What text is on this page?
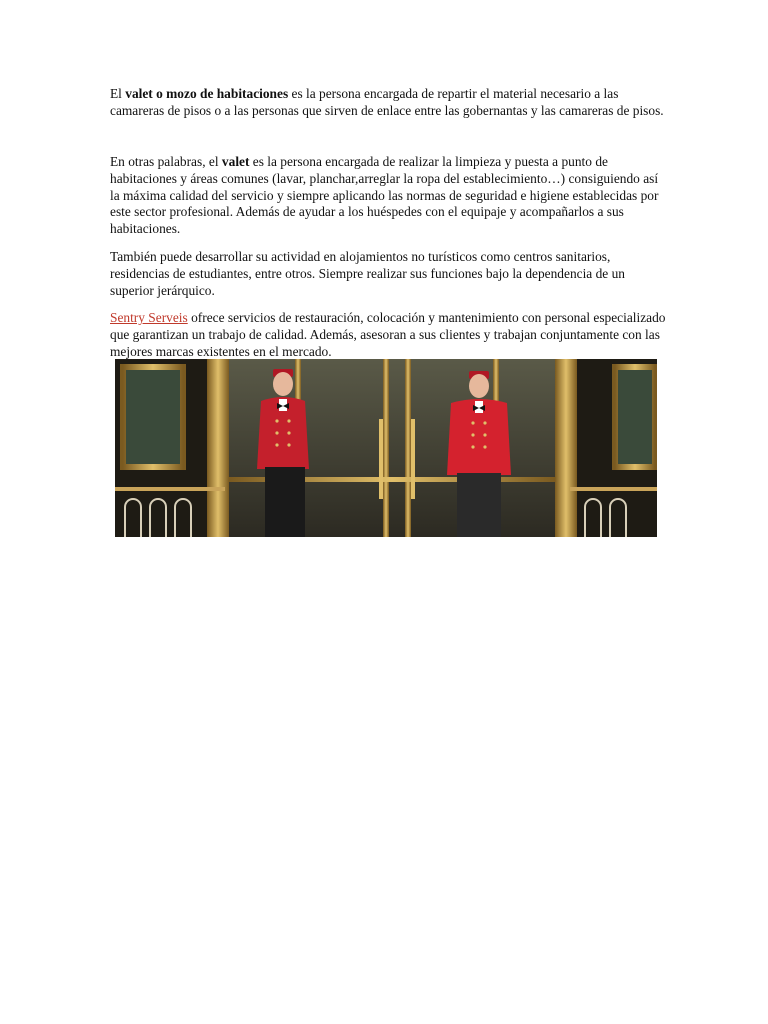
El valet o mozo de habitaciones es la persona encargada de repartir el material necesario a las camareras de pisos o a las personas que sirven de enlace entre las gobernantas y las camareras de pisos.

En otras palabras, el valet es la persona encargada de realizar la limpieza y puesta a punto de habitaciones y áreas comunes (lavar, planchar,arreglar la ropa del establecimiento…) consiguiendo así la máxima calidad del servicio y siempre aplicando las normas de seguridad e higiene establecidas por este sector profesional. Además de ayudar a los huéspedes con el equipaje y acompañarlos a sus habitaciones.

También puede desarrollar su actividad en alojamientos no turísticos como centros sanitarios, residencias de estudiantes, entre otros. Siempre realizar sus funciones bajo la dependencia de un superior jerárquico.

Sentry Serveis ofrece servicios de restauración, colocación y mantenimiento con personal especializado que garantizan un trabajo de calidad. Además, asesoran a sus clientes y trabajan conjuntamente con las mejores marcas existentes en el mercado.
